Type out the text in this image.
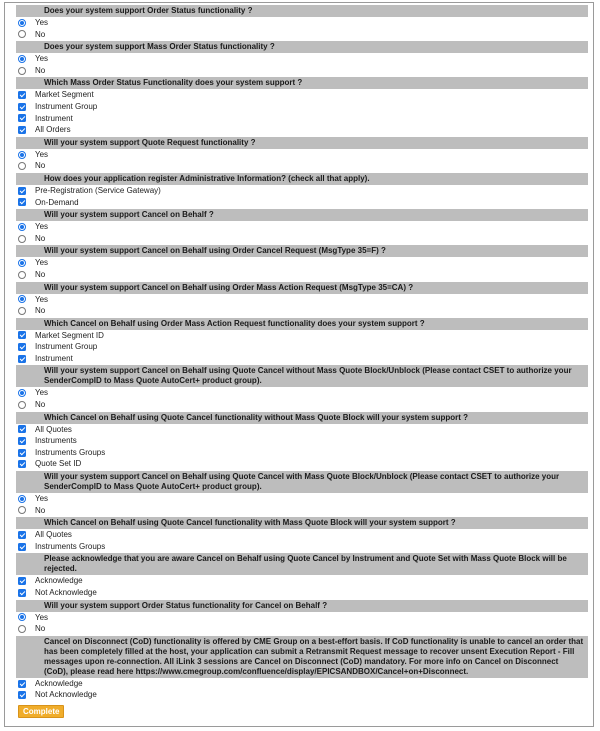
Does your system support Order Status functionality ?
Yes
No
Does your system support Mass Order Status functionality ?
Yes
No
Which Mass Order Status Functionality does your system support ?
Market Segment
Instrument Group
Instrument
All Orders
Will your system support Quote Request functionality ?
Yes
No
How does your application register Administrative Information? (check all that apply).
Pre-Registration (Service Gateway)
On-Demand
Will your system support Cancel on Behalf ?
Yes
No
Will your system support Cancel on Behalf using Order Cancel Request (MsgType 35=F) ?
Yes
No
Will your system support Cancel on Behalf using Order Mass Action Request (MsgType 35=CA) ?
Yes
No
Which Cancel on Behalf using Order Mass Action Request functionality does your system support ?
Market Segment ID
Instrument Group
Instrument
Will your system support Cancel on Behalf using Quote Cancel without Mass Quote Block/Unblock (Please contact CSET to authorize your SenderCompID to Mass Quote AutoCert+ product group).
Yes
No
Which Cancel on Behalf using Quote Cancel functionality without Mass Quote Block will your system support ?
All Quotes
Instruments
Instruments Groups
Quote Set ID
Will your system support Cancel on Behalf using Quote Cancel with Mass Quote Block/Unblock (Please contact CSET to authorize your SenderCompID to Mass Quote AutoCert+ product group).
Yes
No
Which Cancel on Behalf using Quote Cancel functionality with Mass Quote Block will your system support ?
All Quotes
Instruments Groups
Please acknowledge that you are aware Cancel on Behalf using Quote Cancel by Instrument and Quote Set with Mass Quote Block will be rejected.
Acknowledge
Not Acknowledge
Will your system support Order Status functionality for Cancel on Behalf ?
Yes
No
Cancel on Disconnect (CoD) functionality is offered by CME Group on a best-effort basis. If CoD functionality is unable to cancel an order that has been completely filled at the host, your application can submit a Retransmit Request message to recover unsent Execution Report - Fill messages upon re-connection. All iLink 3 sessions are Cancel on Disconnect (CoD) mandatory. For more info on Cancel on Disconnect (CoD), please read here https://www.cmegroup.com/confluence/display/EPICSANDBOX/Cancel+on+Disconnect.
Acknowledge
Not Acknowledge
Complete
